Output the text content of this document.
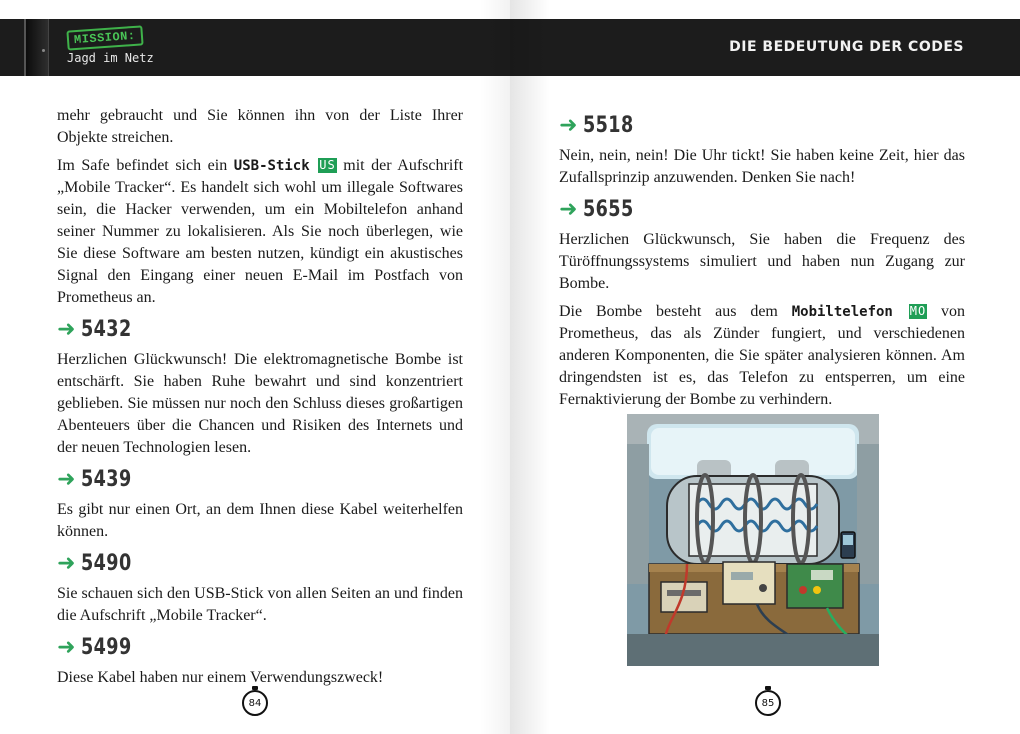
MISSION:
Jagd im Netz

mehr gebraucht und Sie können ihn von der Liste Ihrer Objekte streichen.

Im Safe befindet sich ein USB-Stick US mit der Aufschrift „Mobile Tracker“. Es handelt sich wohl um illegale Softwares sein, die Hacker verwenden, um ein Mobiltelefon anhand seiner Nummer zu lokalisieren. Als Sie noch überlegen, wie Sie diese Software am besten nutzen, kündigt ein akustisches Signal den Eingang einer neuen E-Mail im Postfach von Prometheus an.

➜ 5432

Herzlichen Glückwunsch! Die elektromagnetische Bombe ist entschärft. Sie haben Ruhe bewahrt und sind konzentriert geblieben. Sie müssen nur noch den Schluss dieses großartigen Abenteuers über die Chancen und Risiken des Internets und der neuen Technologien lesen.

➜ 5439

Es gibt nur einen Ort, an dem Ihnen diese Kabel weiterhelfen können.

➜ 5490

Sie schauen sich den USB-Stick von allen Seiten an und finden die Aufschrift „Mobile Tracker“.

➜ 5499

Diese Kabel haben nur einem Verwendungszweck!

84
DIE BEDEUTUNG DER CODES
➜ 5518

Nein, nein, nein! Die Uhr tickt! Sie haben keine Zeit, hier das Zufallsprinzip anzuwenden. Denken Sie nach!

➜ 5655

Herzlichen Glückwunsch, Sie haben die Frequenz des Türöffnungssystems simuliert und haben nun Zugang zur Bombe.

Die Bombe besteht aus dem Mobiltelefon MO von Prometheus, das als Zünder fungiert, und verschiedenen anderen Komponenten, die Sie später analysieren können. Am dringendsten ist es, das Telefon zu entsperren, um eine Fernaktivierung der Bombe zu verhindern.

85
